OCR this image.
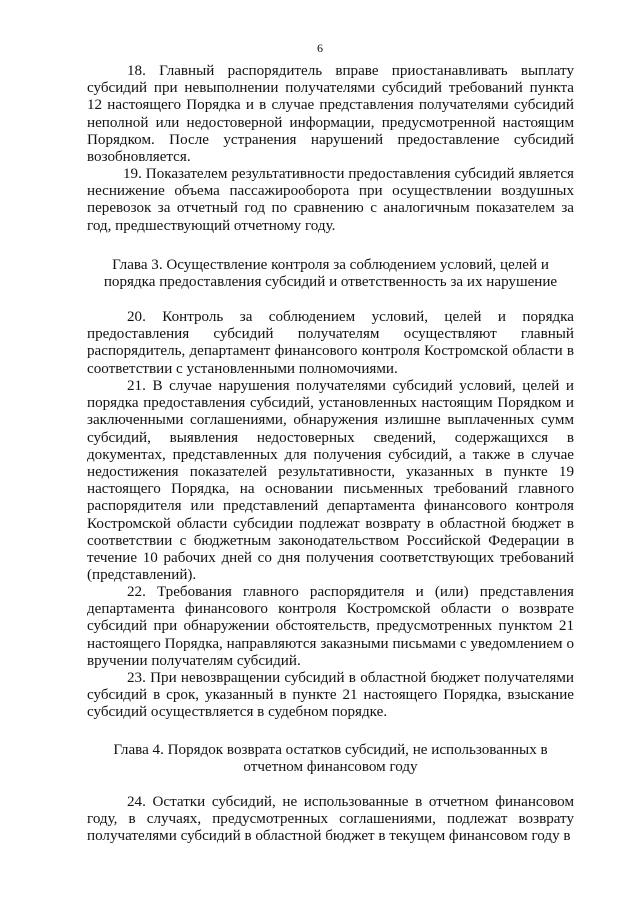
6

18. Главный распорядитель вправе приостанавливать выплату субсидий при невыполнении получателями субсидий требований пункта 12 настоящего Порядка и в случае представления получателями субсидий неполной или недостоверной информации, предусмотренной настоящим Порядком. После устранения нарушений предоставление субсидий возобновляется.

19. Показателем результативности предоставления субсидий является неснижение объема пассажирооборота при осуществлении воздушных перевозок за отчетный год по сравнению с аналогичным показателем за год, предшествующий отчетному году.

Глава 3. Осуществление контроля за соблюдением условий, целей и
порядка предоставления субсидий и ответственность за их нарушение

20. Контроль за соблюдением условий, целей и порядка предоставления субсидий получателям осуществляют главный распорядитель, департамент финансового контроля Костромской области в соответствии с установленными полномочиями.

21. В случае нарушения получателями субсидий условий, целей и порядка предоставления субсидий, установленных настоящим Порядком и заключенными соглашениями, обнаружения излишне выплаченных сумм субсидий, выявления недостоверных сведений, содержащихся в документах, представленных для получения субсидий, а также в случае недостижения показателей результативности, указанных в пункте 19 настоящего Порядка, на основании письменных требований главного распорядителя или представлений департамента финансового контроля Костромской области субсидии подлежат возврату в областной бюджет в соответствии с бюджетным законодательством Российской Федерации в течение 10 рабочих дней со дня получения соответствующих требований (представлений).

22. Требования главного распорядителя и (или) представления департамента финансового контроля Костромской области о возврате субсидий при обнаружении обстоятельств, предусмотренных пунктом 21 настоящего Порядка, направляются заказными письмами с уведомлением о вручении получателям субсидий.

23. При невозвращении субсидий в областной бюджет получателями субсидий в срок, указанный в пункте 21 настоящего Порядка, взыскание субсидий осуществляется в судебном порядке.

Глава 4. Порядок возврата остатков субсидий, не использованных в
отчетном финансовом году

24. Остатки субсидий, не использованные в отчетном финансовом году, в случаях, предусмотренных соглашениями, подлежат возврату получателями субсидий в областной бюджет в текущем финансовом году в
